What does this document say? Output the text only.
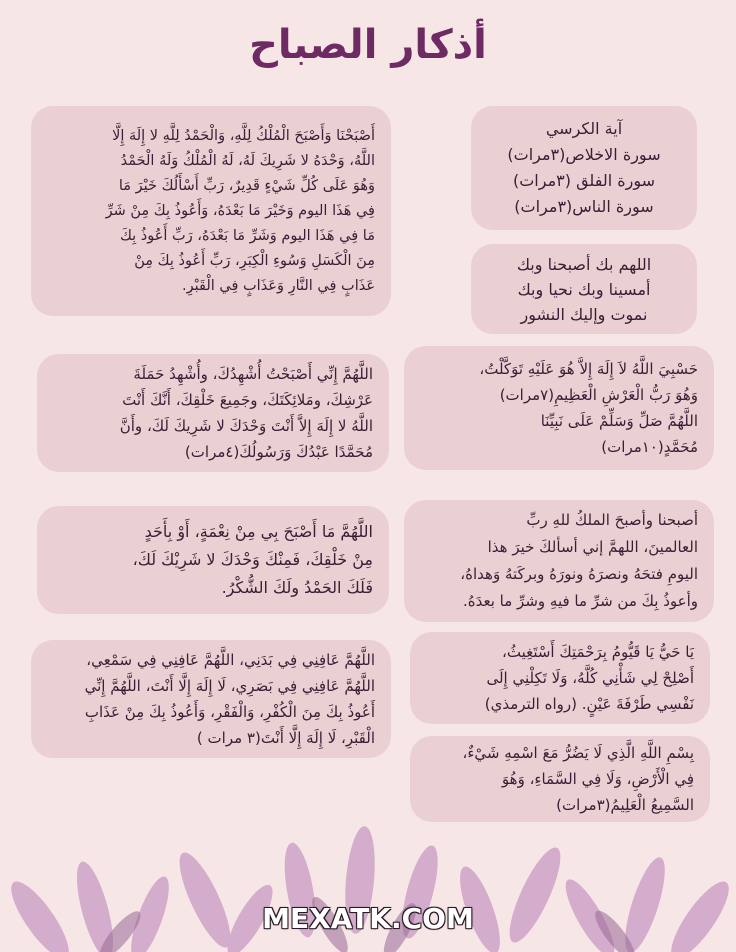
أذكار الصباح

أَصْبَحْنَا وَأَصْبَحَ الْمُلْكُ لِلَّهِ، وَالْحَمْدُ لِلَّهِ لا إِلَهَ إِلَّا
اللَّهُ، وَحْدَهُ لا شَرِيكَ لَهُ، لَهُ الْمُلْكُ وَلَهُ الْحَمْدُ
وَهُوَ عَلَى كُلِّ شَيْءٍ قَدِيرٌ، رَبِّ أَسْأَلُكَ خَيْرَ مَا
فِي هَذَا اليوم وَخَيْرَ مَا بَعْدَهُ، وَأَعُوذُ بِكَ مِنْ شَرِّ
مَا فِي هَذَا اليوم وَشَرِّ مَا بَعْدَهُ، رَبِّ أَعُوذُ بِكَ
مِنَ الْكَسَلِ وَسُوءِ الْكِبَرِ، رَبِّ أَعُوذُ بِكَ مِنْ
عَذَابٍ فِي النَّارِ وَعَذَابٍ فِي الْقَبْرِ.

آية الكرسي
سورة الاخلاص(٣مرات)
سورة الفلق (٣مرات)
سورة الناس(٣مرات)

اللهم بك أصبحنا وبك
أمسينا وبك نحيا وبك
نموت وإليك النشور

اللَّهُمَّ إِنِّي أَصْبَحْتُ أُشْهِدُكَ، وأُشْهِدُ حَمَلَةَ
عَرْشِكَ، ومَلائِكَتَكَ، وجَمِيعَ خَلْقِكَ، أَنَّكَ أَنْتَ
اللَّهُ لا إِلَهَ إِلاَّ أَنْتَ وَحْدَكَ لا شَرِيكَ لَكَ، وأَنَّ
مُحَمَّدًا عَبْدُكَ وَرَسُولُكَ(٤مرات)

حَسْبِيَ اللَّهُ لاَ إِلَهَ إِلاَّ هُوَ عَلَيْهِ تَوَكَّلْتُ،
وَهُوَ رَبُّ الْعَرْشِ الْعَظِيمِ(٧مرات)
اللَّهُمَّ صَلِّ وَسَلِّمْ عَلَى نَبِيِّنَا
مُحَمَّدٍ(١٠مرات)

اللَّهُمَّ مَا أَصْبَحَ بِي مِنْ نِعْمَةٍ، أَوْ بِأَحَدٍ
مِنْ خَلْقِكَ، فَمِنْكَ وَحْدَكَ لا شَرِيْكَ لَكَ،
فَلَكَ الحَمْدُ ولَكَ الشُّكْرُ.

أصبحنا وأصبحَ الملكُ للهِ ربِّ
العالمينَ، اللهمَّ إني أسألكَ خيرَ هذا
اليومِ فتحَهُ ونصرَهُ ونورَهُ وبركَتهُ وَهداهُ،
وأعوذُ بِكَ من شرِّ ما فيهِ وشرِّ ما بعدَهُ.

اللَّهُمَّ عَافِنِي فِي بَدَنِي، اللَّهُمَّ عَافِنِي فِي سَمْعِي،
اللَّهُمَّ عَافِنِي فِي بَصَرِي، لَا إِلَهَ إِلَّا أَنْتَ، اللَّهُمَّ إِنِّي
أَعُوذُ بِكَ مِنَ الْكُفْرِ، وَالْفَقْرِ، وَأَعُوذُ بِكَ مِنْ عَذَابِ
الْقَبْرِ، لَا إِلَهَ إِلَّا أَنْتَ(٣ مرات )

يَا حَيُّ يَا قَيُّومُ بِرَحْمَتِكَ أَسْتَغِيثُ،
أَصْلِحْ لِي شَأْنِي كُلَّهُ، وَلَا تَكِلْنِي إِلَى
نَفْسِي طَرْفَةَ عَيْنٍ. (رواه الترمذي)

بِسْمِ اللَّهِ الَّذِي لَا يَضُرُّ مَعَ اسْمِهِ شَيْءٌ،
فِي الْأَرْضِ، وَلَا فِي السَّمَاءِ، وَهُوَ
السَّمِيعُ الْعَلِيمُ(٣مرات)

MEXATK.COM
